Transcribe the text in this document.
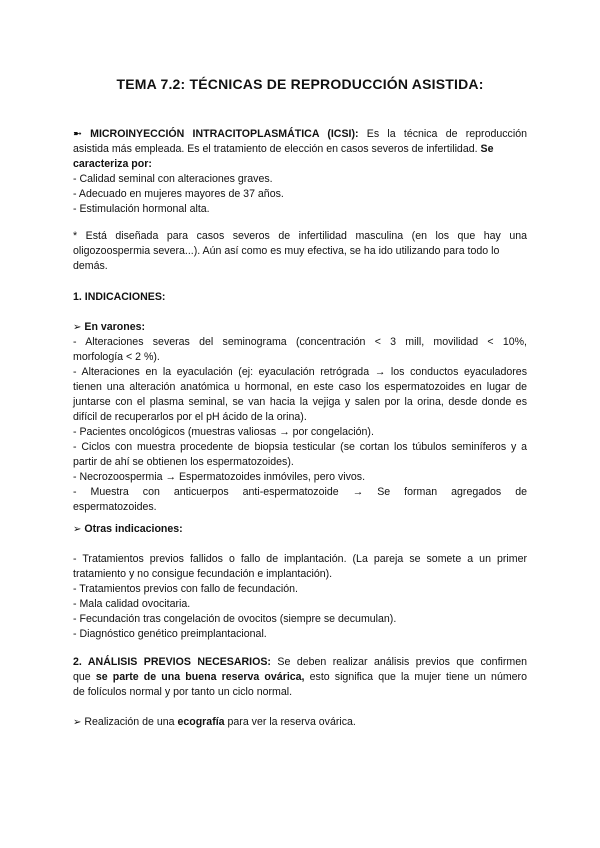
TEMA 7.2: TÉCNICAS DE REPRODUCCIÓN ASISTIDA:
➼ MICROINYECCIÓN INTRACITOPLASMÁTICA (ICSI): Es la técnica de reproducción
asistida más empleada. Es el tratamiento de elección en casos severos de infertilidad. Se
caracteriza por:
- Calidad seminal con alteraciones graves.
- Adecuado en mujeres mayores de 37 años.
- Estimulación hormonal alta.
* Está diseñada para casos severos de infertilidad masculina (en los que hay una
oligozoospermia severa...). Aún así como es muy efectiva, se ha ido utilizando para todo lo
demás.
1. INDICACIONES:
➢ En varones:
- Alteraciones severas del seminograma (concentración < 3 mill, movilidad < 10%,
morfología < 2 %).
- Alteraciones en la eyaculación (ej: eyaculación retrógrada → los conductos eyaculadores
tienen una alteración anatómica u hormonal, en este caso los espermatozoides en lugar de
juntarse con el plasma seminal, se van hacia la vejiga y salen por la orina, desde donde es
difícil de recuperarlos por el pH ácido de la orina).
- Pacientes oncológicos (muestras valiosas → por congelación).
- Ciclos con muestra procedente de biopsia testicular (se cortan los túbulos seminíferos y a
partir de ahí se obtienen los espermatozoides).
- Necrozoospermia → Espermatozoides inmóviles, pero vivos.
- Muestra con anticuerpos anti-espermatozoide → Se forman agregados de
espermatozoides.
➢ Otras indicaciones:
- Tratamientos previos fallidos o fallo de implantación. (La pareja se somete a un primer
tratamiento y no consigue fecundación e implantación).
- Tratamientos previos con fallo de fecundación.
- Mala calidad ovocitaria.
- Fecundación tras congelación de ovocitos (siempre se decumulan).
- Diagnóstico genético preimplantacional.
2. ANÁLISIS PREVIOS NECESARIOS: Se deben realizar análisis previos que confirmen
que se parte de una buena reserva ovárica, esto significa que la mujer tiene un número
de folículos normal y por tanto un ciclo normal.
➢ Realización de una ecografía para ver la reserva ovárica.
